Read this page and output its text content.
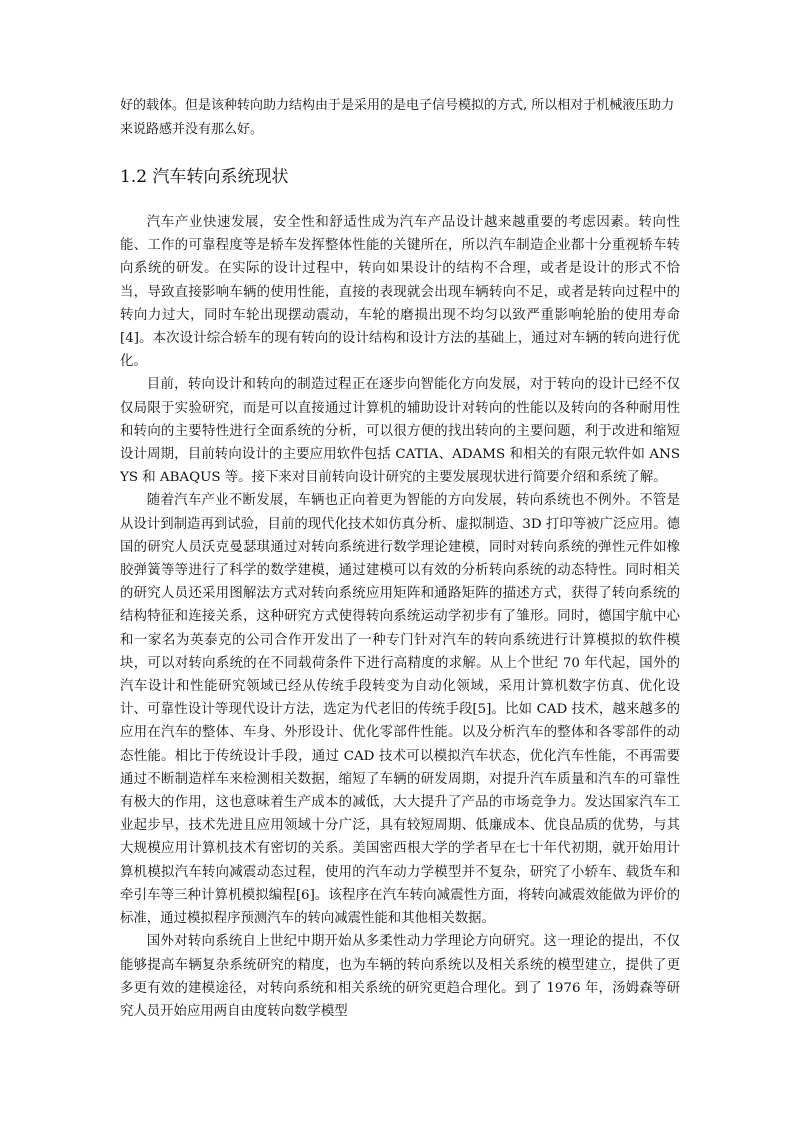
好的载体。但是该种转向助力结构由于是采用的是电子信号模拟的方式, 所以相对于机械液压助力来说路感并没有那么好。

1.2 汽车转向系统现状

汽车产业快速发展，安全性和舒适性成为汽车产品设计越来越重要的考虑因素。转向性能、工作的可靠程度等是轿车发挥整体性能的关键所在，所以汽车制造企业都十分重视轿车转向系统的研发。在实际的设计过程中，转向如果设计的结构不合理，或者是设计的形式不恰当，导致直接影响车辆的使用性能，直接的表现就会出现车辆转向不足，或者是转向过程中的转向力过大，同时车轮出现摆动震动，车轮的磨损出现不均匀以致严重影响轮胎的使用寿命[4]。本次设计综合轿车的现有转向的设计结构和设计方法的基础上，通过对车辆的转向进行优化。

目前，转向设计和转向的制造过程正在逐步向智能化方向发展，对于转向的设计已经不仅仅局限于实验研究，而是可以直接通过计算机的辅助设计对转向的性能以及转向的各种耐用性和转向的主要特性进行全面系统的分析，可以很方便的找出转向的主要问题，利于改进和缩短设计周期，目前转向设计的主要应用软件包括 CATIA、ADAMS 和相关的有限元软件如 ANSYS 和 ABAQUS 等。接下来对目前转向设计研究的主要发展现状进行简要介绍和系统了解。

随着汽车产业不断发展，车辆也正向着更为智能的方向发展，转向系统也不例外。不管是从设计到制造再到试验，目前的现代化技术如仿真分析、虚拟制造、3D 打印等被广泛应用。德国的研究人员沃克曼瑟琪通过对转向系统进行数学理论建模，同时对转向系统的弹性元件如橡胶弹簧等等进行了科学的数学建模，通过建模可以有效的分析转向系统的动态特性。同时相关的研究人员还采用图解法方式对转向系统应用矩阵和通路矩阵的描述方式，获得了转向系统的结构特征和连接关系，这种研究方式使得转向系统运动学初步有了雏形。同时，德国宇航中心和一家名为英泰克的公司合作开发出了一种专门针对汽车的转向系统进行计算模拟的软件模块，可以对转向系统的在不同载荷条件下进行高精度的求解。从上个世纪 70 年代起，国外的汽车设计和性能研究领域已经从传统手段转变为自动化领域，采用计算机数字仿真、优化设计、可靠性设计等现代设计方法，选定为代老旧的传统手段[5]。比如 CAD 技术，越来越多的应用在汽车的整体、车身、外形设计、优化零部件性能。以及分析汽车的整体和各零部件的动态性能。相比于传统设计手段，通过 CAD 技术可以模拟汽车状态，优化汽车性能，不再需要通过不断制造样车来检测相关数据，缩短了车辆的研发周期，对提升汽车质量和汽车的可靠性有极大的作用，这也意味着生产成本的减低，大大提升了产品的市场竞争力。发达国家汽车工业起步早，技术先进且应用领域十分广泛，具有较短周期、低廉成本、优良品质的优势，与其大规模应用计算机技术有密切的关系。美国密西根大学的学者早在七十年代初期，就开始用计算机模拟汽车转向减震动态过程，使用的汽车动力学模型并不复杂，研究了小轿车、载货车和牵引车等三种计算机模拟编程[6]。该程序在汽车转向减震性方面，将转向减震效能做为评价的标准，通过模拟程序预测汽车的转向减震性能和其他相关数据。

国外对转向系统自上世纪中期开始从多柔性动力学理论方向研究。这一理论的提出，不仅能够提高车辆复杂系统研究的精度，也为车辆的转向系统以及相关系统的模型建立，提供了更多更有效的建模途径，对转向系统和相关系统的研究更趋合理化。到了 1976 年，汤姆森等研究人员开始应用两自由度转向数学模型
